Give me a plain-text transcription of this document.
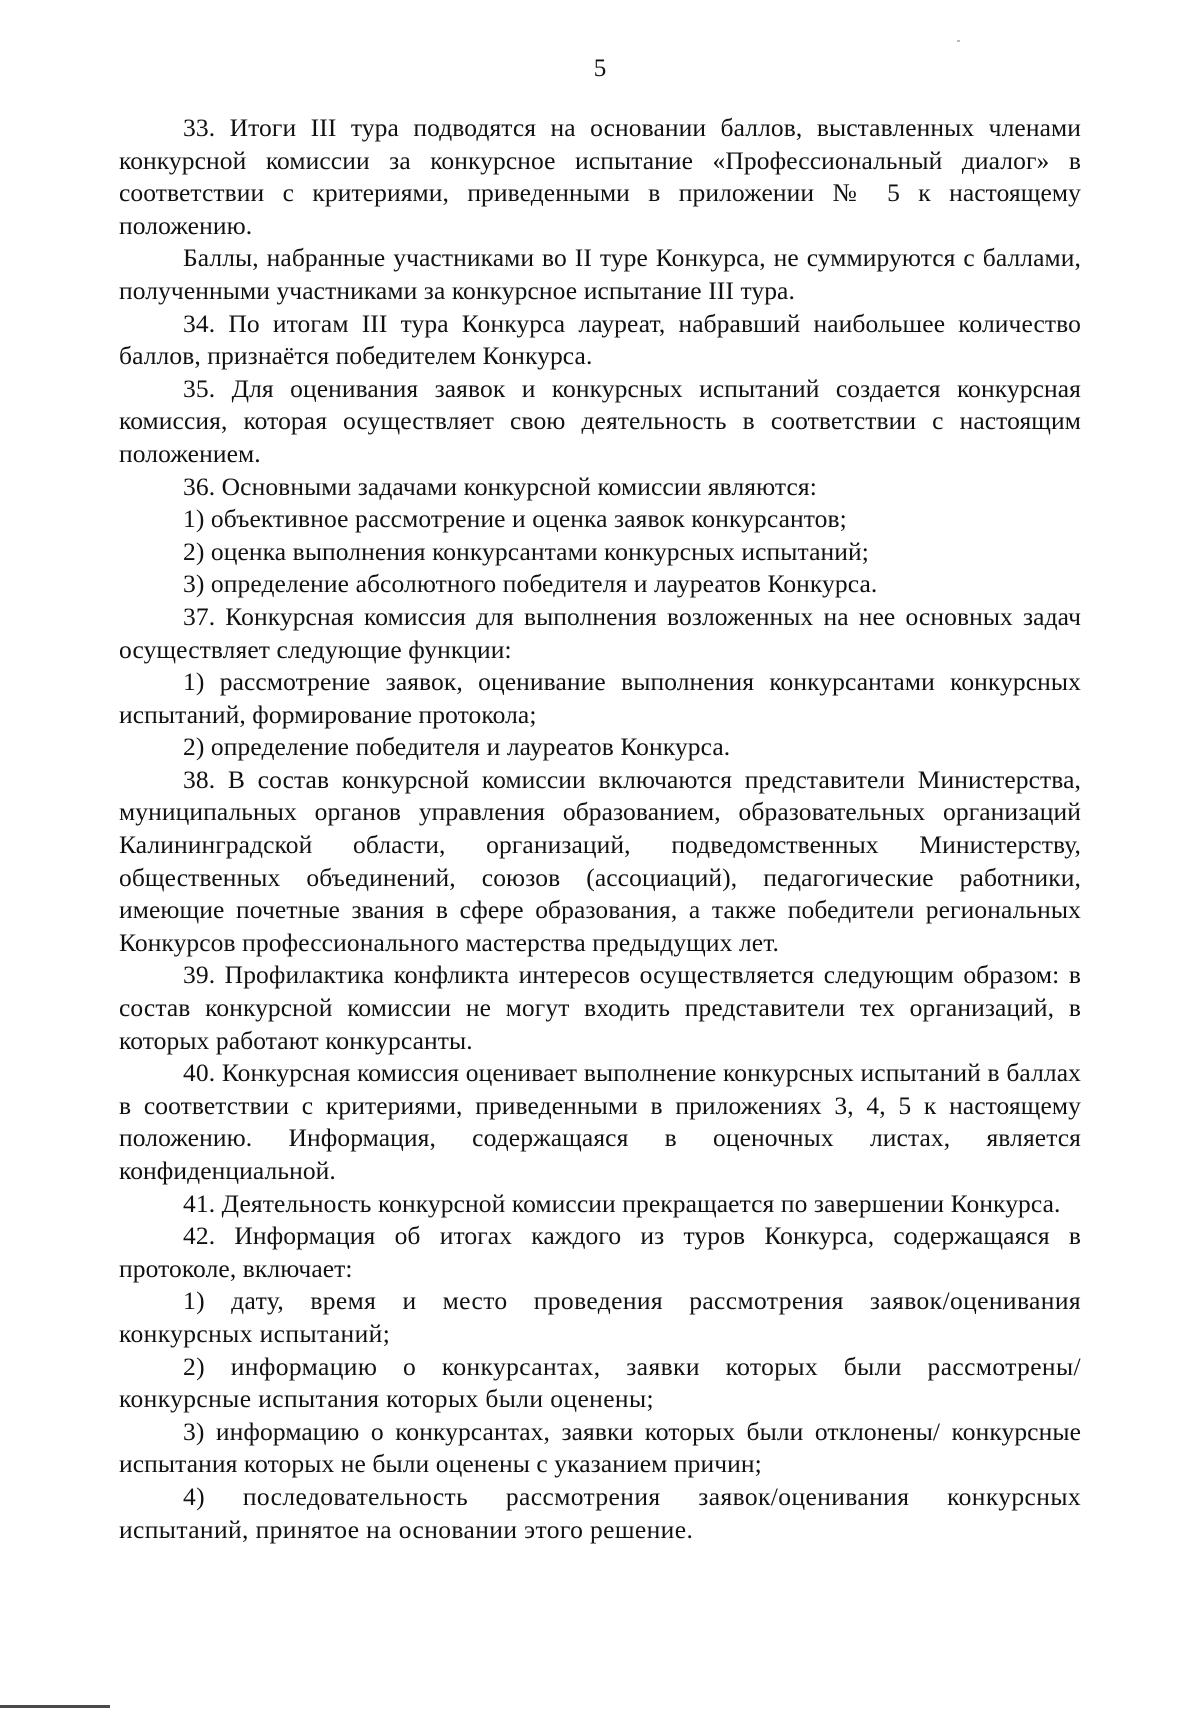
5

33. Итоги III тура подводятся на основании баллов, выставленных членами конкурсной комиссии за конкурсное испытание «Профессиональный диалог» в соответствии с критериями, приведенными в приложении № 5 к настоящему положению.

Баллы, набранные участниками во II туре Конкурса, не суммируются с баллами, полученными участниками за конкурсное испытание III тура.

34. По итогам III тура Конкурса лауреат, набравший наибольшее количество баллов, признаётся победителем Конкурса.

35. Для оценивания заявок и конкурсных испытаний создается конкурсная комиссия, которая осуществляет свою деятельность в соответствии с настоящим положением.

36. Основными задачами конкурсной комиссии являются:

1) объективное рассмотрение и оценка заявок конкурсантов;

2) оценка выполнения конкурсантами конкурсных испытаний;

3) определение абсолютного победителя и лауреатов Конкурса.

37. Конкурсная комиссия для выполнения возложенных на нее основных задач осуществляет следующие функции:

1) рассмотрение заявок, оценивание выполнения конкурсантами конкурсных испытаний, формирование протокола;

2) определение победителя и лауреатов Конкурса.

38. В состав конкурсной комиссии включаются представители Министерства, муниципальных органов управления образованием, образовательных организаций Калининградской области, организаций, подведомственных Министерству, общественных объединений, союзов (ассоциаций), педагогические работники, имеющие почетные звания в сфере образования, а также победители региональных Конкурсов профессионального мастерства предыдущих лет.

39. Профилактика конфликта интересов осуществляется следующим образом: в состав конкурсной комиссии не могут входить представители тех организаций, в которых работают конкурсанты.

40. Конкурсная комиссия оценивает выполнение конкурсных испытаний в баллах в соответствии с критериями, приведенными в приложениях 3, 4, 5 к настоящему положению. Информация, содержащаяся в оценочных листах, является конфиденциальной.

41. Деятельность конкурсной комиссии прекращается по завершении Конкурса.

42. Информация об итогах каждого из туров Конкурса, содержащаяся в протоколе, включает:

1) дату, время и место проведения рассмотрения заявок/оценивания конкурсных испытаний;

2) информацию о конкурсантах, заявки которых были рассмотрены/ конкурсные испытания которых были оценены;

3) информацию о конкурсантах, заявки которых были отклонены/ конкурсные испытания которых не были оценены с указанием причин;

4) последовательность рассмотрения заявок/оценивания конкурсных испытаний, принятое на основании этого решение.
